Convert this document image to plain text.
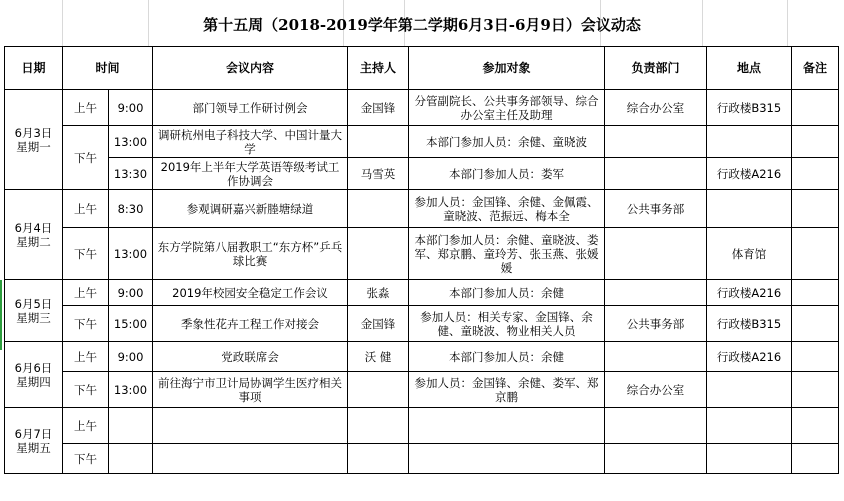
第十五周（2018-2019学年第二学期6月3日-6月9日）会议动态
日期	时间		会议内容	主持人	参加对象	负责部门	地点	备注

6月3日
星期一	上午	9:00	部门领导工作研讨例会	金国锋	分管副院长、公共事务部领导、综合办公室主任及助理	综合办公室	行政楼B315	
	下午	13:00	调研杭州电子科技大学、中国计量大学		本部门参加人员：余健、童晓波			
		13:30	2019年上半年大学英语等级考试工作协调会	马雪英	本部门参加人员：娄军		行政楼A216	

6月4日
星期二	上午	8:30	参观调研嘉兴新塍塘绿道		参加人员：金国锋、余健、金佩霞、童晓波、范振远、梅本全	公共事务部		
	下午	13:00	东方学院第八届教职工“东方杯”乒乓球比赛		本部门参加人员：余健、童晓波、娄军、郑京鹏、童玲芳、张玉燕、张媛媛		体育馆	

6月5日
星期三	上午	9:00	2019年校园安全稳定工作会议	张淼	本部门参加人员：余健		行政楼A216	
	下午	15:00	季象性花卉工程工作对接会	金国锋	参加人员：相关专家、金国锋、余健、童晓波、物业相关人员	公共事务部	行政楼B315	

6月6日
星期四	上午	9:00	党政联席会	沃 健	本部门参加人员：余健		行政楼A216	
	下午	13:00	前往海宁市卫计局协调学生医疗相关事项		参加人员：金国锋、余健、娄军、郑京鹏	综合办公室		

6月7日
星期五	上午							
	下午							
